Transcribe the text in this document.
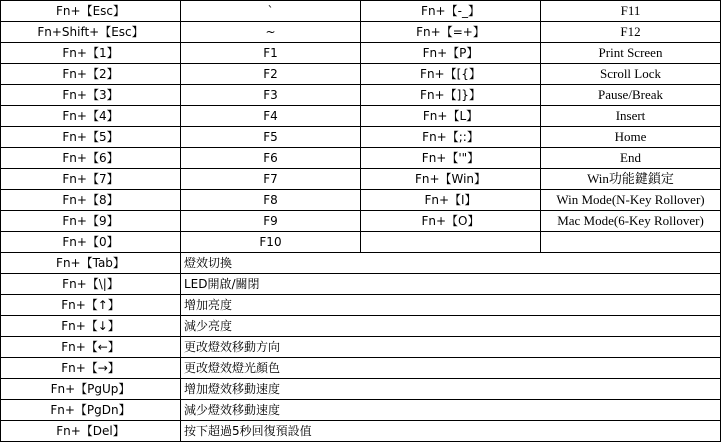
Fn+【Esc】	`	Fn+【-_】	F11
Fn+Shift+【Esc】	~	Fn+【=+】	F12
Fn+【1】	F1	Fn+【P】	Print Screen
Fn+【2】	F2	Fn+【[{】	Scroll Lock
Fn+【3】	F3	Fn+【]}】	Pause/Break
Fn+【4】	F4	Fn+【L】	Insert
Fn+【5】	F5	Fn+【;:】	Home
Fn+【6】	F6	Fn+【'"】	End
Fn+【7】	F7	Fn+【Win】	Win功能鍵鎖定
Fn+【8】	F8	Fn+【I】	Win Mode(N-Key Rollover)
Fn+【9】	F9	Fn+【O】	Mac Mode(6-Key Rollover)
Fn+【0】	F10		
Fn+【Tab】	燈效切換		
Fn+【\|】	LED開啟/關閉		
Fn+【↑】	增加亮度		
Fn+【↓】	減少亮度		
Fn+【←】	更改燈效移動方向		
Fn+【→】	更改燈效燈光顏色		
Fn+【PgUp】	增加燈效移動速度		
Fn+【PgDn】	減少燈效移動速度		
Fn+【Del】	按下超過5秒回復預設值		
